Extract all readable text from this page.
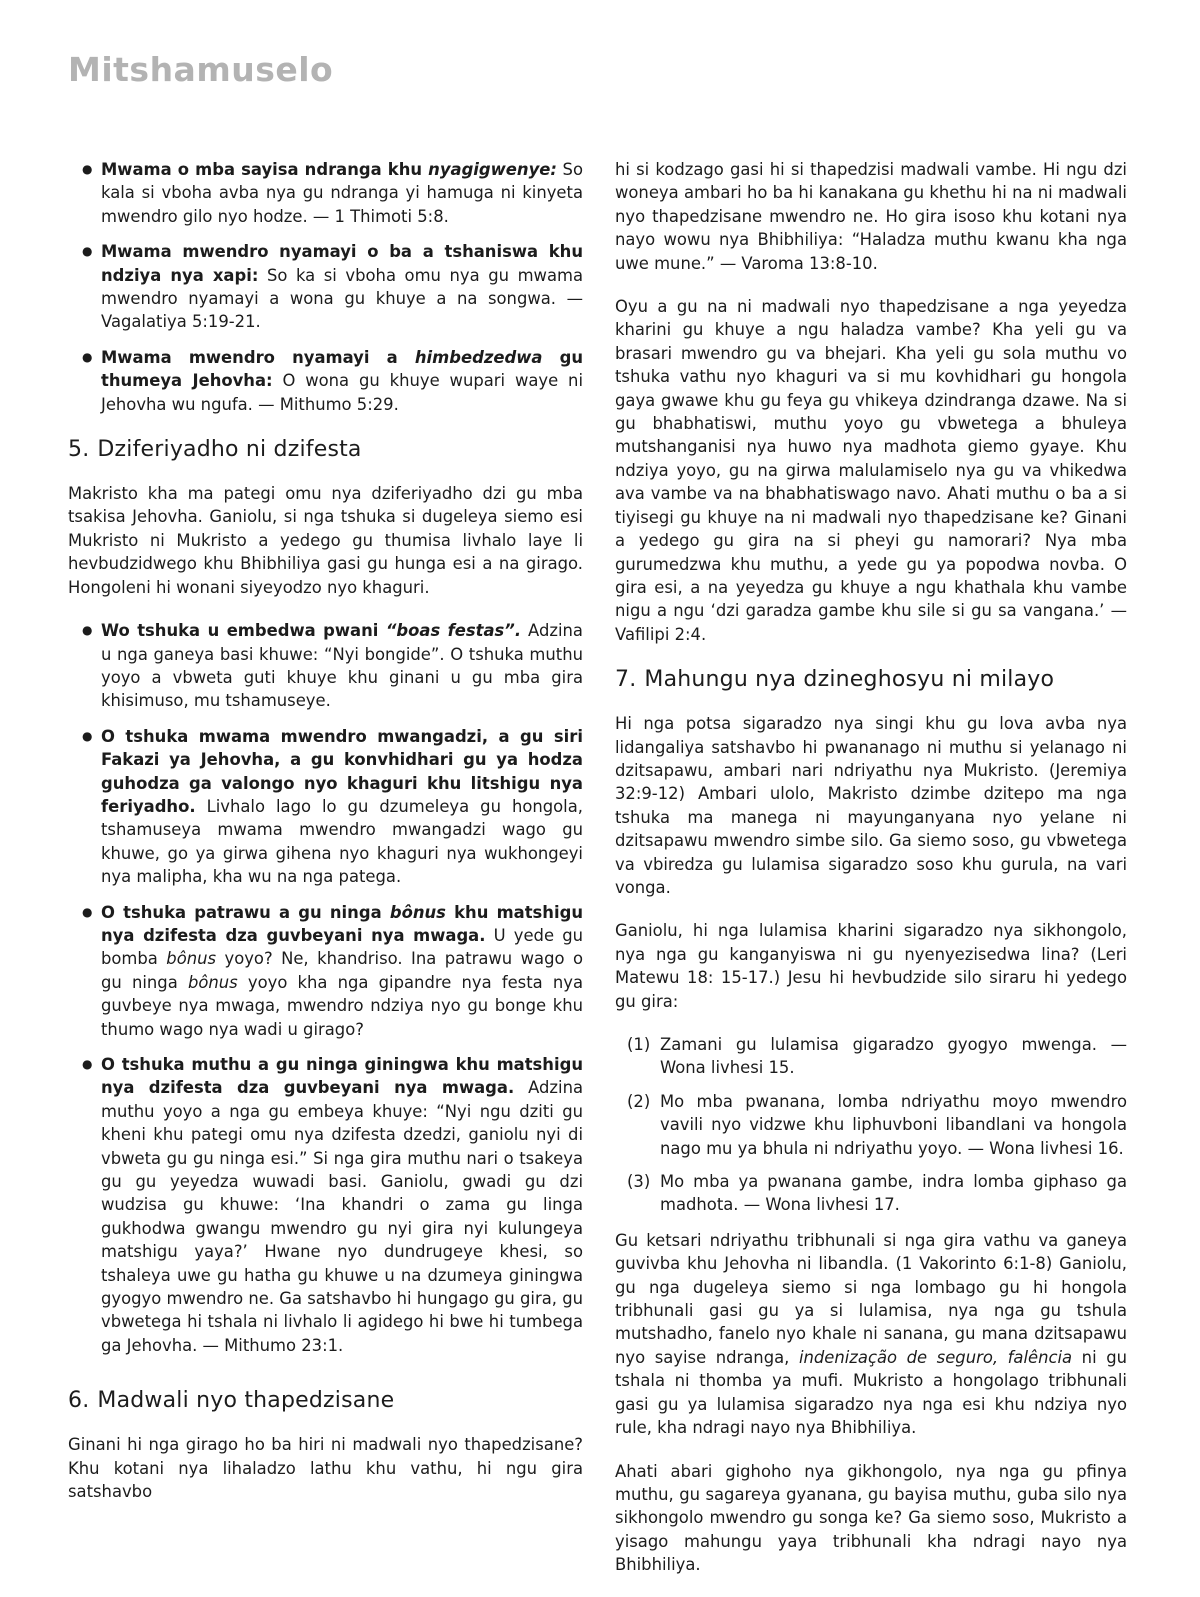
Mitshamuselo
● Mwama o mba sayisa ndranga khu nyagigwenye: So kala si vboha avba nya gu ndranga yi hamuga ni kinyeta mwendro gilo nyo hodze. — 1 Thimoti 5:8.
● Mwama mwendro nyamayi o ba a tshaniswa khu ndziya nya xapi: So ka si vboha omu nya gu mwama mwendro nyamayi a wona gu khuye a na songwa. — Vagalatiya 5:19-21.
● Mwama mwendro nyamayi a himbedzedwa gu thumeya Jehovha: O wona gu khuye wupari waye ni Jehovha wu ngufa. — Mithumo 5:29.
5. Dziferiyadho ni dzifesta

Makristo kha ma pategi omu nya dziferiyadho dzi gu mba tsakisa Jehovha. Ganiolu, si nga tshuka si dugeleya siemo esi Mukristo ni Mukristo a yedego gu thumisa livhalo laye li hevbudzidwego khu Bhibhiliya gasi gu hunga esi a na girago. Hongoleni hi wonani siyeyodzo nyo khaguri.

● Wo tshuka u embedwa pwani “boas festas”. Adzina u nga ganeya basi khuwe: “Nyi bongide”. O tshuka muthu yoyo a vbweta guti khuye khu ginani u gu mba gira khisimuso, mu tshamuseye.
● O tshuka mwama mwendro mwangadzi, a gu siri Fakazi ya Jehovha, a gu konvhidhari gu ya hodza guhodza ga valongo nyo khaguri khu litshigu nya feriyadho. Livhalo lago lo gu dzumeleya gu hongola, tshamuseya mwama mwendro mwangadzi wago gu khuwe, go ya girwa gihena nyo khaguri nya wukhongeyi nya malipha, kha wu na nga patega.
● O tshuka patrawu a gu ninga bônus khu matshigu nya dzifesta dza guvbeyani nya mwaga. U yede gu bomba bônus yoyo? Ne, khandriso. Ina patrawu wago o gu ninga bônus yoyo kha nga gipandre nya festa nya guvbeye nya mwaga, mwendro ndziya nyo gu bonge khu thumo wago nya wadi u girago?
● O tshuka muthu a gu ninga giningwa khu matshigu nya dzifesta dza guvbeyani nya mwaga. Adzina muthu yoyo a nga gu embeya khuye: “Nyi ngu dziti gu kheni khu pategi omu nya dzifesta dzedzi, ganiolu nyi di vbweta gu gu ninga esi.” Si nga gira muthu nari o tsakeya gu gu yeyedza wuwadi basi. Ganiolu, gwadi gu dzi wudzisa gu khuwe: ‘Ina khandri o zama gu linga gukhodwa gwangu mwendro gu nyi gira nyi kulungeya matshigu yaya?’ Hwane nyo dundrugeye khesi, so tshaleya uwe gu hatha gu khuwe u na dzumeya giningwa gyogyo mwendro ne. Ga satshavbo hi hungago gu gira, gu vbwetega hi tshala ni livhalo li agidego hi bwe hi tumbega ga Jehovha. — Mithumo 23:1.
6. Madwali nyo thapedzisane

Ginani hi nga girago ho ba hiri ni madwali nyo thapedzisane? Khu kotani nya lihaladzo lathu khu vathu, hi ngu gira satshavbo

hi si kodzago gasi hi si thapedzisi madwali vambe. Hi ngu dzi woneya ambari ho ba hi kanakana gu khethu hi na ni madwali nyo thapedzisane mwendro ne. Ho gira isoso khu kotani nya nayo wowu nya Bhibhiliya: “Haladza muthu kwanu kha nga uwe mune.” — Varoma 13:8-10.

Oyu a gu na ni madwali nyo thapedzisane a nga yeyedza kharini gu khuye a ngu haladza vambe? Kha yeli gu va brasari mwendro gu va bhejari. Kha yeli gu sola muthu vo tshuka vathu nyo khaguri va si mu kovhidhari gu hongola gaya gwawe khu gu feya gu vhikeya dzindranga dzawe. Na si gu bhabhatiswi, muthu yoyo gu vbwetega a bhuleya mutshanganisi nya huwo nya madhota giemo gyaye. Khu ndziya yoyo, gu na girwa malulamiselo nya gu va vhikedwa ava vambe va na bhabhatiswago navo. Ahati muthu o ba a si tiyisegi gu khuye na ni madwali nyo thapedzisane ke? Ginani a yedego gu gira na si pheyi gu namorari? Nya mba gurumedzwa khu muthu, a yede gu ya popodwa novba. O gira esi, a na yeyedza gu khuye a ngu khathala khu vambe nigu a ngu ‘dzi garadza gambe khu sile si gu sa vangana.’ — Vafilipi 2:4.

7. Mahungu nya dzineghosyu ni milayo

Hi nga potsa sigaradzo nya singi khu gu lova avba nya lidangaliya satshavbo hi pwananago ni muthu si yelanago ni dzitsapawu, ambari nari ndriyathu nya Mukristo. (Jeremiya 32:9-12) Ambari ulolo, Makristo dzimbe dzitepo ma nga tshuka ma manega ni mayunganyana nyo yelane ni dzitsapawu mwendro simbe silo. Ga siemo soso, gu vbwetega va vbiredza gu lulamisa sigaradzo soso khu gurula, na vari vonga.

Ganiolu, hi nga lulamisa kharini sigaradzo nya sikhongolo, nya nga gu kanganyiswa ni gu nyenyezisedwa lina? (Leri Matewu 18: 15-17.) Jesu hi hevbudzide silo siraru hi yedego gu gira:

(1) Zamani gu lulamisa gigaradzo gyogyo mwenga. — Wona livhesi 15.
(2) Mo mba pwanana, lomba ndriyathu moyo mwendro vavili nyo vidzwe khu liphuvboni libandlani va hongola nago mu ya bhula ni ndriyathu yoyo. — Wona livhesi 16.
(3) Mo mba ya pwanana gambe, indra lomba giphaso ga madhota. — Wona livhesi 17.

Gu ketsari ndriyathu tribhunali si nga gira vathu va ganeya guvivba khu Jehovha ni libandla. (1 Vakorinto 6:1-8) Ganiolu, gu nga dugeleya siemo si nga lombago gu hi hongola tribhunali gasi gu ya si lulamisa, nya nga gu tshula mutshadho, fanelo nyo khale ni sanana, gu mana dzitsapawu nyo sayise ndranga, indenização de seguro, falência ni gu tshala ni thomba ya mufi. Mukristo a hongolago tribhunali gasi gu ya lulamisa sigaradzo nya nga esi khu ndziya nyo rule, kha ndragi nayo nya Bhibhiliya.

Ahati abari gighoho nya gikhongolo, nya nga gu pfinya muthu, gu sagareya gyanana, gu bayisa muthu, guba silo nya sikhongolo mwendro gu songa ke? Ga siemo soso, Mukristo a yisago mahungu yaya tribhunali kha ndragi nayo nya Bhibhiliya.
